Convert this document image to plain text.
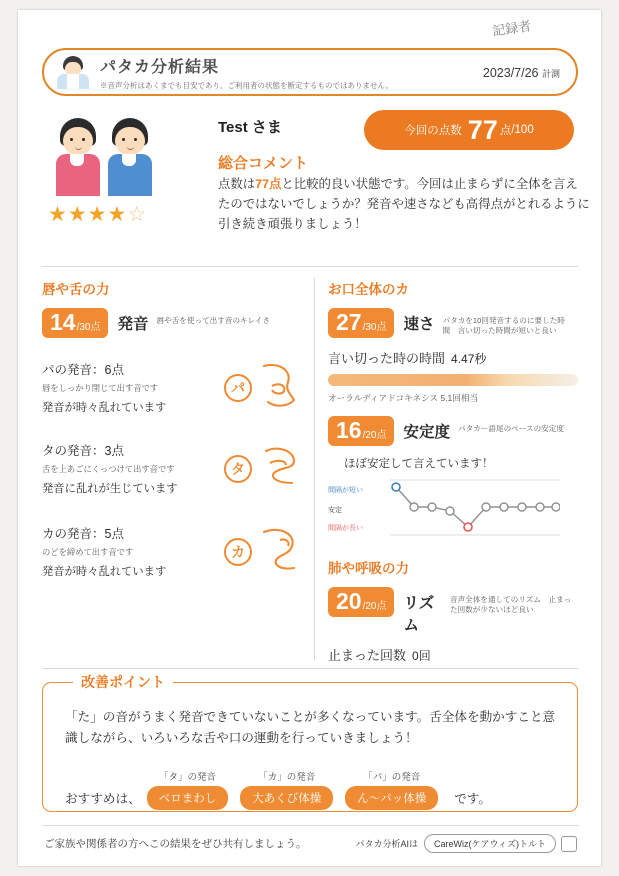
記録者
パタカ分析結果
※音声分析はあくまでも目安であり、ご利用者の状態を断定するものではありません。
2023/7/26 計測
★★★★☆
Test さま	今回の点数 77 点 /100
総合コメント
点数は77点と比較的良い状態です。今回は止まらずに全体を言えたのではないでしょうか？発音や速さなども高得点がとれるように引き続き頑張りましょう！
唇や舌の力
14 /30点 発音 唇や舌を使って出す音のキレイさ
パの発音：6点
唇をしっかり閉じて出す音です
発音が時々乱れています
パ
タの発音：3点
舌を上あごにくっつけて出す音です
発音に乱れが生じています
タ
カの発音：5点
のどを締めて出す音です
発音が時々乱れています
カ
お口全体のカ
27 /30点 速さ パタカを10回発音するのに要した時間　言い切った時間が短いと良い
言い切った時の時間 4.47秒
オーラルディアドコキネシス 5.1回相当
16 /20点 安定度 パタカー語尾のペースの安定度
ほぼ安定して言えています！
間隔が短い
安定
間隔が長い
肺や呼吸の力
20 /20点 リズム
音声全体を通してのリズム　止まった回数が少ないほど良い
止まった回数 0回
改善ポイント
「た」の音がうまく発音できていないことが多くなっています。舌全体を動かすこと意識しながら、いろいろな舌や口の運動を行っていきましょう！
おすすめは、
「タ」の発音
ベロまわし
「カ」の発音
大あくび体操
「パ」の発音
ん～パッ体操	です。
ご家族や関係者の方へこの結果をぜひ共有しましょう。	パタカ分析AIは	CareWiz(ケアウィズ)トルト
